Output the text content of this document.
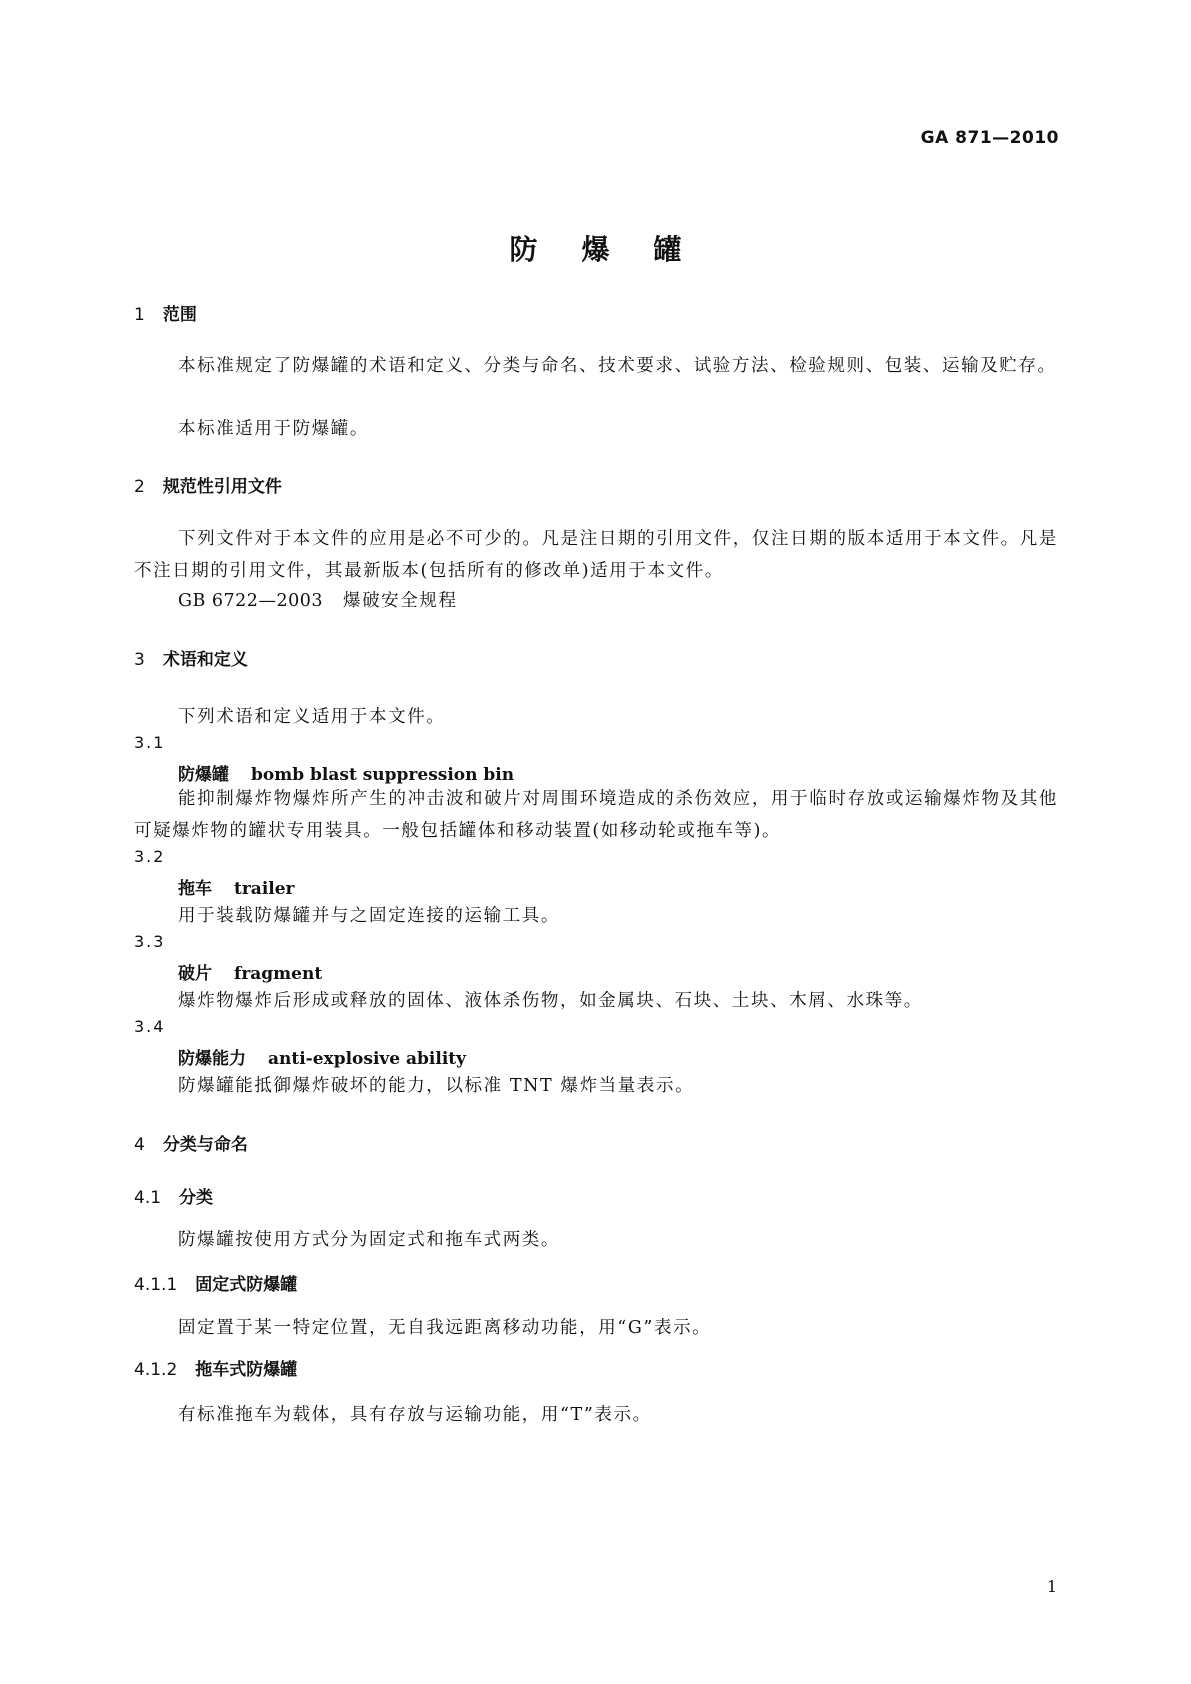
GA 871—2010
防爆罐
1 范围
本标准规定了防爆罐的术语和定义、分类与命名、技术要求、试验方法、检验规则、包装、运输及贮存。
本标准适用于防爆罐。
2 规范性引用文件
下列文件对于本文件的应用是必不可少的。凡是注日期的引用文件，仅注日期的版本适用于本文件。凡是不注日期的引用文件，其最新版本(包括所有的修改单)适用于本文件。
GB 6722—2003 爆破安全规程
3 术语和定义
下列术语和定义适用于本文件。
3.1
防爆罐 bomb blast suppression bin
能抑制爆炸物爆炸所产生的冲击波和破片对周围环境造成的杀伤效应，用于临时存放或运输爆炸物及其他可疑爆炸物的罐状专用装具。一般包括罐体和移动装置(如移动轮或拖车等)。
3.2
拖车 trailer
用于装载防爆罐并与之固定连接的运输工具。
3.3
破片 fragment
爆炸物爆炸后形成或释放的固体、液体杀伤物，如金属块、石块、土块、木屑、水珠等。
3.4
防爆能力 anti-explosive ability
防爆罐能抵御爆炸破坏的能力，以标准 TNT 爆炸当量表示。
4 分类与命名
4.1 分类
防爆罐按使用方式分为固定式和拖车式两类。
4.1.1 固定式防爆罐
固定置于某一特定位置，无自我远距离移动功能，用“G”表示。
4.1.2 拖车式防爆罐
有标准拖车为载体，具有存放与运输功能，用“T”表示。
1
